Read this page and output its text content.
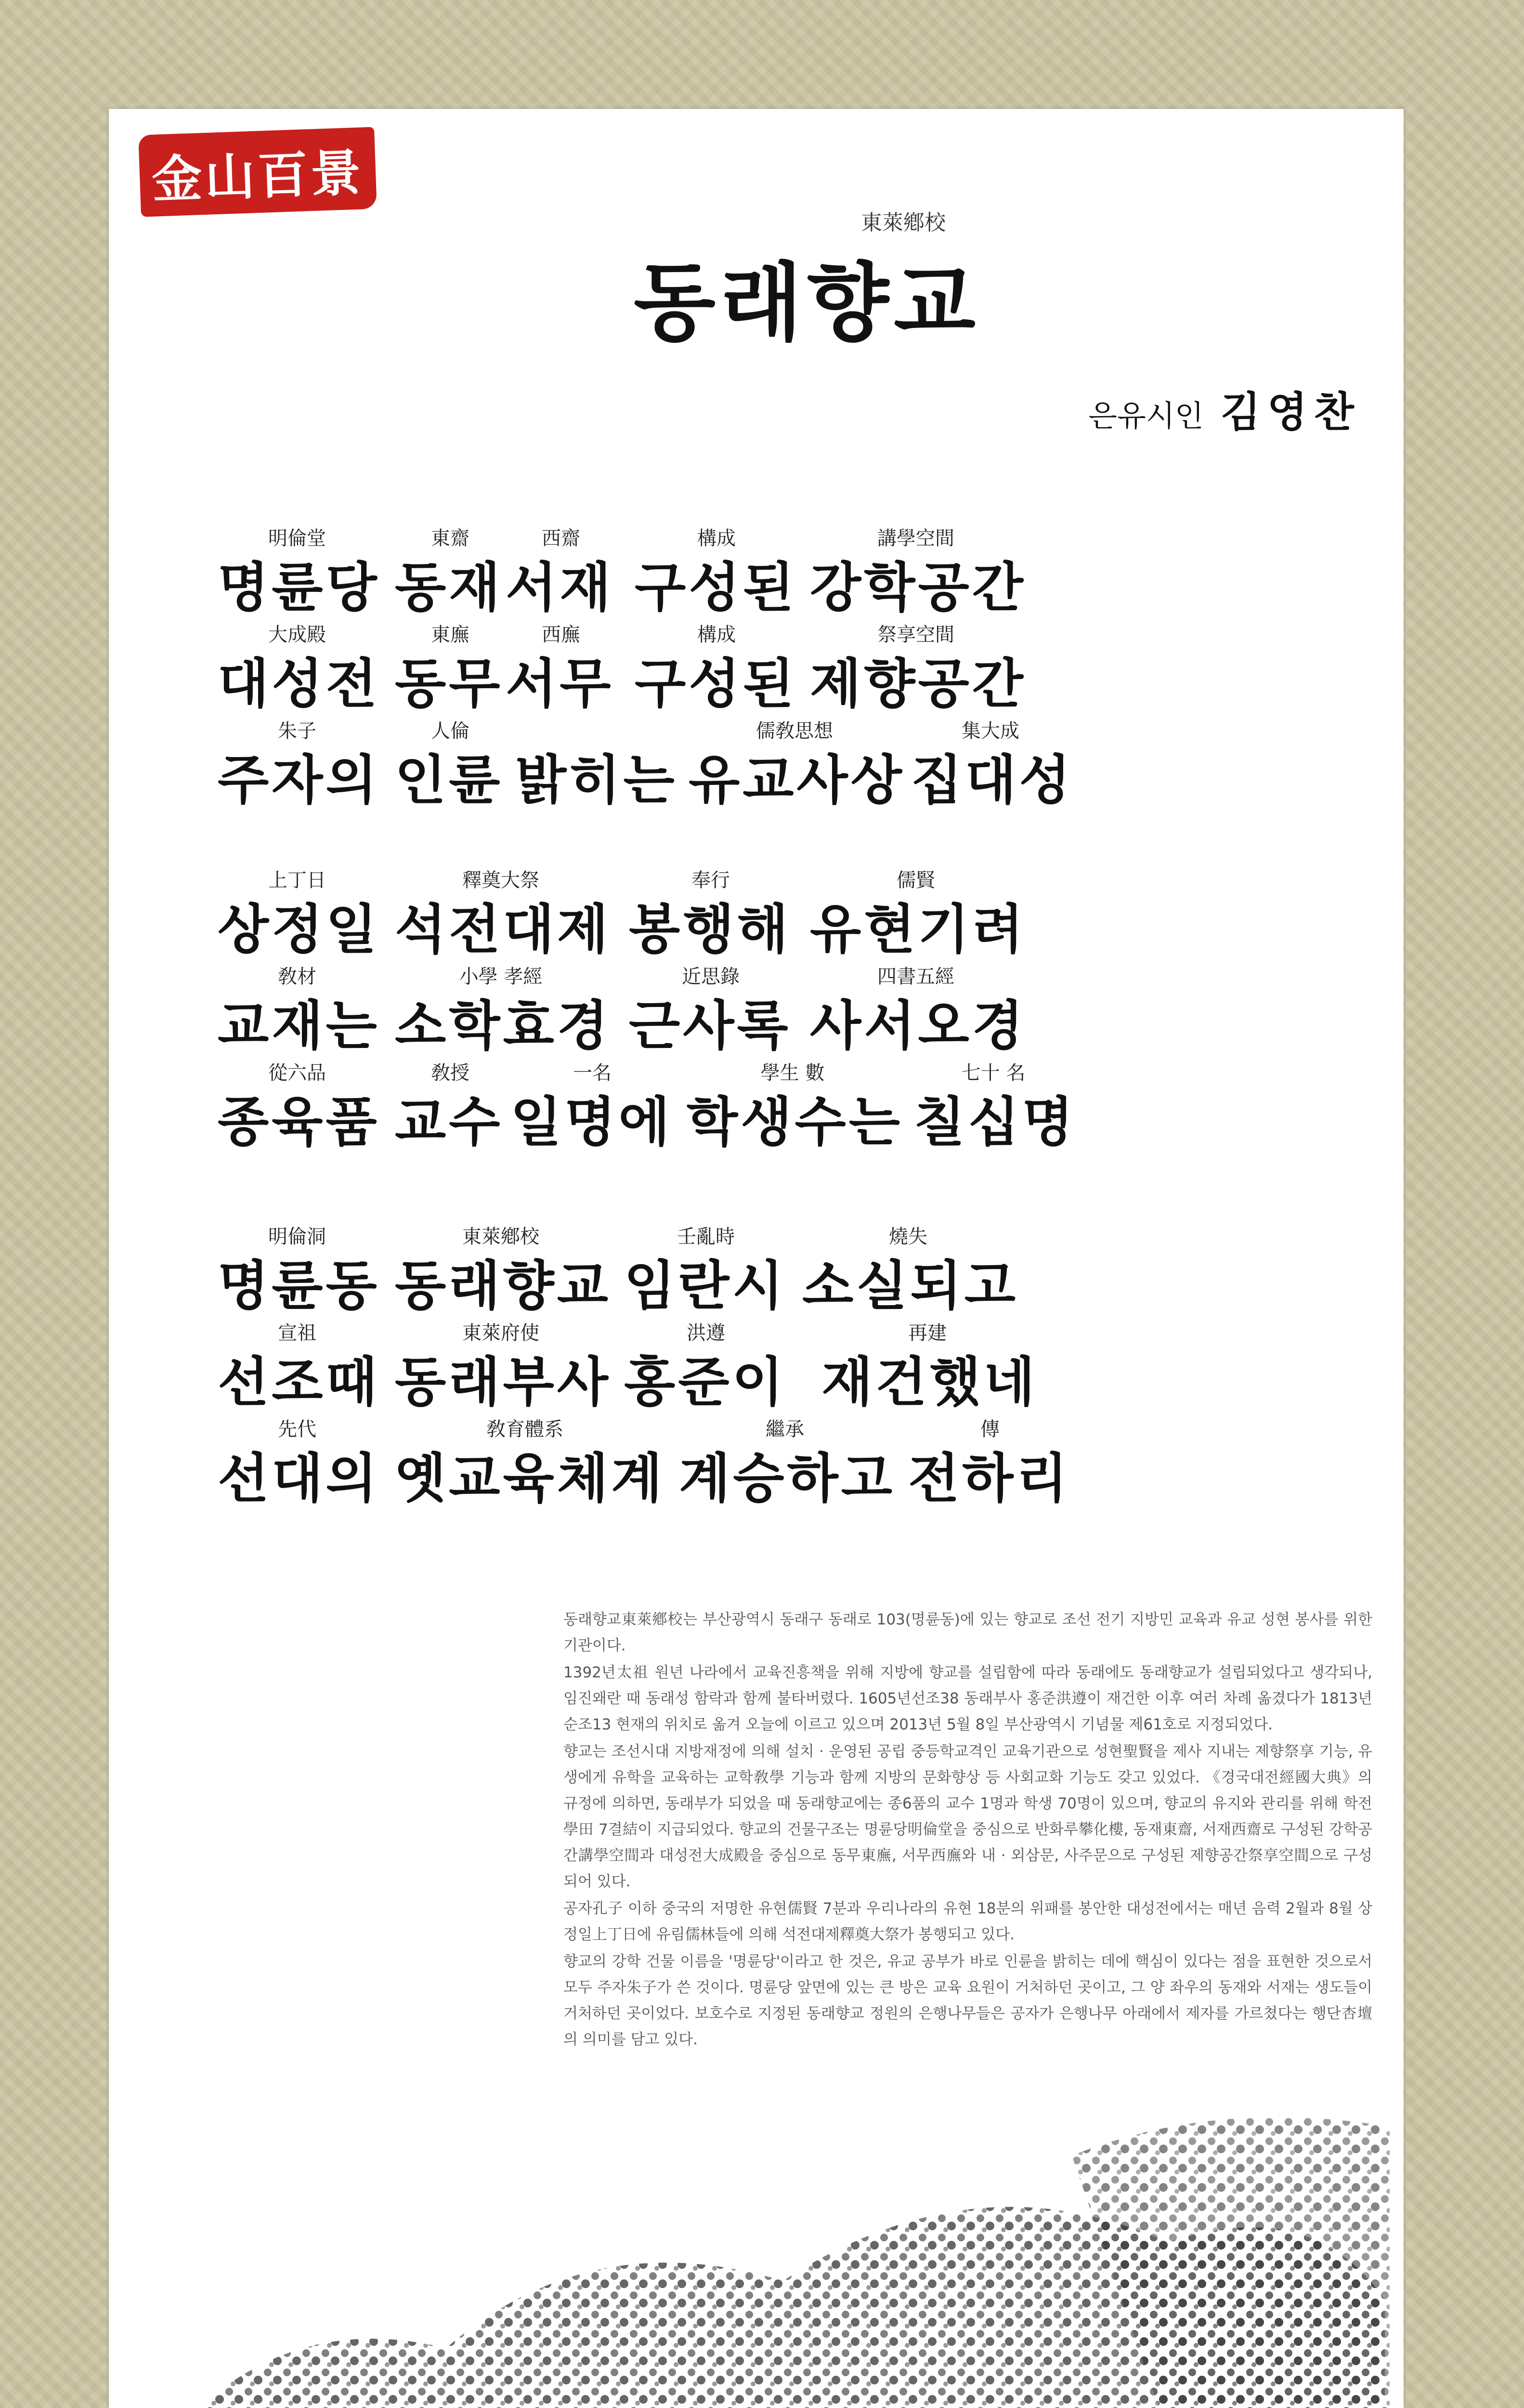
金山百景
東萊鄕校
동래향교
은유시인 김영찬
明倫堂
명륜당
東齋
동재
西齋
서재
構成
구성된
講學空間
강학공간
大成殿
대성전
東廡
동무
西廡
서무
構成
구성된
祭享空間
제향공간
朱子
주자의
人倫
인륜 밝히는
儒敎思想
유교사상
集大成
집대성
上丁日
상정일
釋奠大祭
석전대제
奉行
봉행해
儒賢
유현기려
敎材
교재는
小學 孝經
소학효경
近思錄
근사록
四書五經
사서오경
從六品
종육품
敎授
교수
一名
일명에
學生 數
학생수는
七十 名
칠십명
明倫洞
명륜동
東萊鄕校
동래향교
壬亂時
임란시
燒失
소실되고
宣祖
선조때
東萊府使
동래부사
洪遵
홍준이
再建
재건했네
先代
선대의
敎育體系
옛교육체계
繼承
계승하고
傳
전하리

동래향교東萊鄕校는 부산광역시 동래구 동래로 103(명륜동)에 있는 향교로 조선 전기 지방민 교육과 유교 성현 봉사를 위한 기관이다.

1392년太祖 원년 나라에서 교육진흥책을 위해 지방에 향교를 설립함에 따라 동래에도 동래향교가 설립되었다고 생각되나, 임진왜란 때 동래성 함락과 함께 불타버렸다. 1605년선조38 동래부사 홍준洪遵이 재건한 이후 여러 차례 옮겼다가 1813년순조13 현재의 위치로 옮겨 오늘에 이르고 있으며 2013년 5월 8일 부산광역시 기념물 제61호로 지정되었다.

향교는 조선시대 지방재정에 의해 설치 · 운영된 공립 중등학교격인 교육기관으로 성현聖賢을 제사 지내는 제향祭享 기능, 유생에게 유학을 교육하는 교학敎學 기능과 함께 지방의 문화향상 등 사회교화 기능도 갖고 있었다. 《경국대전經國大典》의 규정에 의하면, 동래부가 되었을 때 동래향교에는 종6품의 교수 1명과 학생 70명이 있으며, 향교의 유지와 관리를 위해 학전學田 7결結이 지급되었다. 향교의 건물구조는 명륜당明倫堂을 중심으로 반화루攀化樓, 동재東齋, 서재西齋로 구성된 강학공간講學空間과 대성전大成殿을 중심으로 동무東廡, 서무西廡와 내 · 외삼문, 사주문으로 구성된 제향공간祭享空間으로 구성되어 있다.

공자孔子 이하 중국의 저명한 유현儒賢 7분과 우리나라의 유현 18분의 위패를 봉안한 대성전에서는 매년 음력 2월과 8월 상정일上丁日에 유림儒林들에 의해 석전대제釋奠大祭가 봉행되고 있다.

향교의 강학 건물 이름을 '명륜당'이라고 한 것은, 유교 공부가 바로 인륜을 밝히는 데에 핵심이 있다는 점을 표현한 것으로서 모두 주자朱子가 쓴 것이다. 명륜당 앞면에 있는 큰 방은 교육 요원이 거처하던 곳이고, 그 양 좌우의 동재와 서재는 생도들이 거처하던 곳이었다. 보호수로 지정된 동래향교 정원의 은행나무들은 공자가 은행나무 아래에서 제자를 가르쳤다는 행단杏壇의 의미를 담고 있다.
